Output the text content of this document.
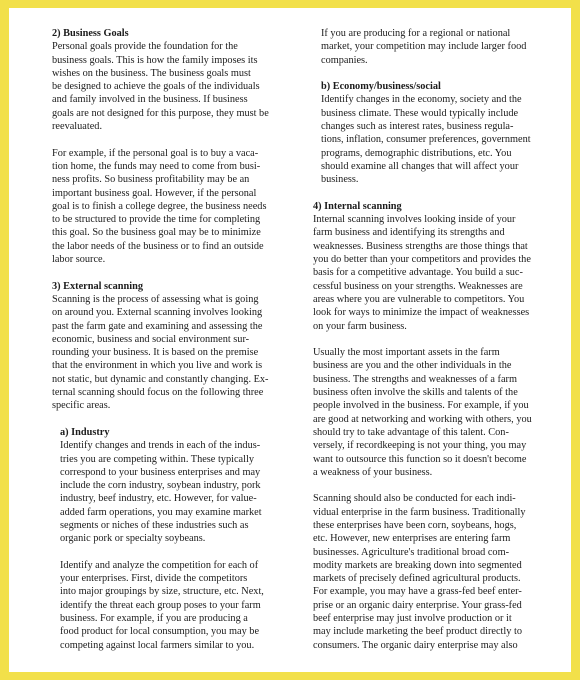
2) Business Goals
Personal goals provide the foundation for the
business goals. This is how the family imposes its
wishes on the business. The business goals must
be designed to achieve the goals of the individuals
and family involved in the business. If business
goals are not designed for this purpose, they must be
reevaluated.
For example, if the personal goal is to buy a vaca-
tion home, the funds may need to come from busi-
ness profits. So business profitability may be an
important business goal. However, if the personal
goal is to finish a college degree, the business needs
to be structured to provide the time for completing
this goal. So the business goal may be to minimize
the labor needs of the business or to find an outside
labor source.
3) External scanning
Scanning is the process of assessing what is going
on around you. External scanning involves looking
past the farm gate and examining and assessing the
economic, business and social environment sur-
rounding your business. It is based on the premise
that the environment in which you live and work is
not static, but dynamic and constantly changing. Ex-
ternal scanning should focus on the following three
specific areas.
a) Industry
Identify changes and trends in each of the indus-
tries you are competing within. These typically
correspond to your business enterprises and may
include the corn industry, soybean industry, pork
industry, beef industry, etc. However, for value-
added farm operations, you may examine market
segments or niches of these industries such as
organic pork or specialty soybeans.
Identify and analyze the competition for each of
your enterprises. First, divide the competitors
into major groupings by size, structure, etc. Next,
identify the threat each group poses to your farm
business. For example, if you are producing a
food product for local consumption, you may be
competing against local farmers similar to you.
If you are producing for a regional or national
market, your competition may include larger food
companies.
b) Economy/business/social
Identify changes in the economy, society and the
business climate. These would typically include
changes such as interest rates, business regula-
tions, inflation, consumer preferences, government
programs, demographic distributions, etc. You
should examine all changes that will affect your
business.
4) Internal scanning
Internal scanning involves looking inside of your
farm business and identifying its strengths and
weaknesses. Business strengths are those things that
you do better than your competitors and provides the
basis for a competitive advantage. You build a suc-
cessful business on your strengths. Weaknesses are
areas where you are vulnerable to competitors. You
look for ways to minimize the impact of weaknesses
on your farm business.
Usually the most important assets in the farm
business are you and the other individuals in the
business. The strengths and weaknesses of a farm
business often involve the skills and talents of the
people involved in the business. For example, if you
are good at networking and working with others, you
should try to take advantage of this talent. Con-
versely, if recordkeeping is not your thing, you may
want to outsource this function so it doesn't become
a weakness of your business.
Scanning should also be conducted for each indi-
vidual enterprise in the farm business. Traditionally
these enterprises have been corn, soybeans, hogs,
etc. However, new enterprises are entering farm
businesses. Agriculture's traditional broad com-
modity markets are breaking down into segmented
markets of precisely defined agricultural products.
For example, you may have a grass-fed beef enter-
prise or an organic dairy enterprise. Your grass-fed
beef enterprise may just involve production or it
may include marketing the beef product directly to
consumers. The organic dairy enterprise may also
